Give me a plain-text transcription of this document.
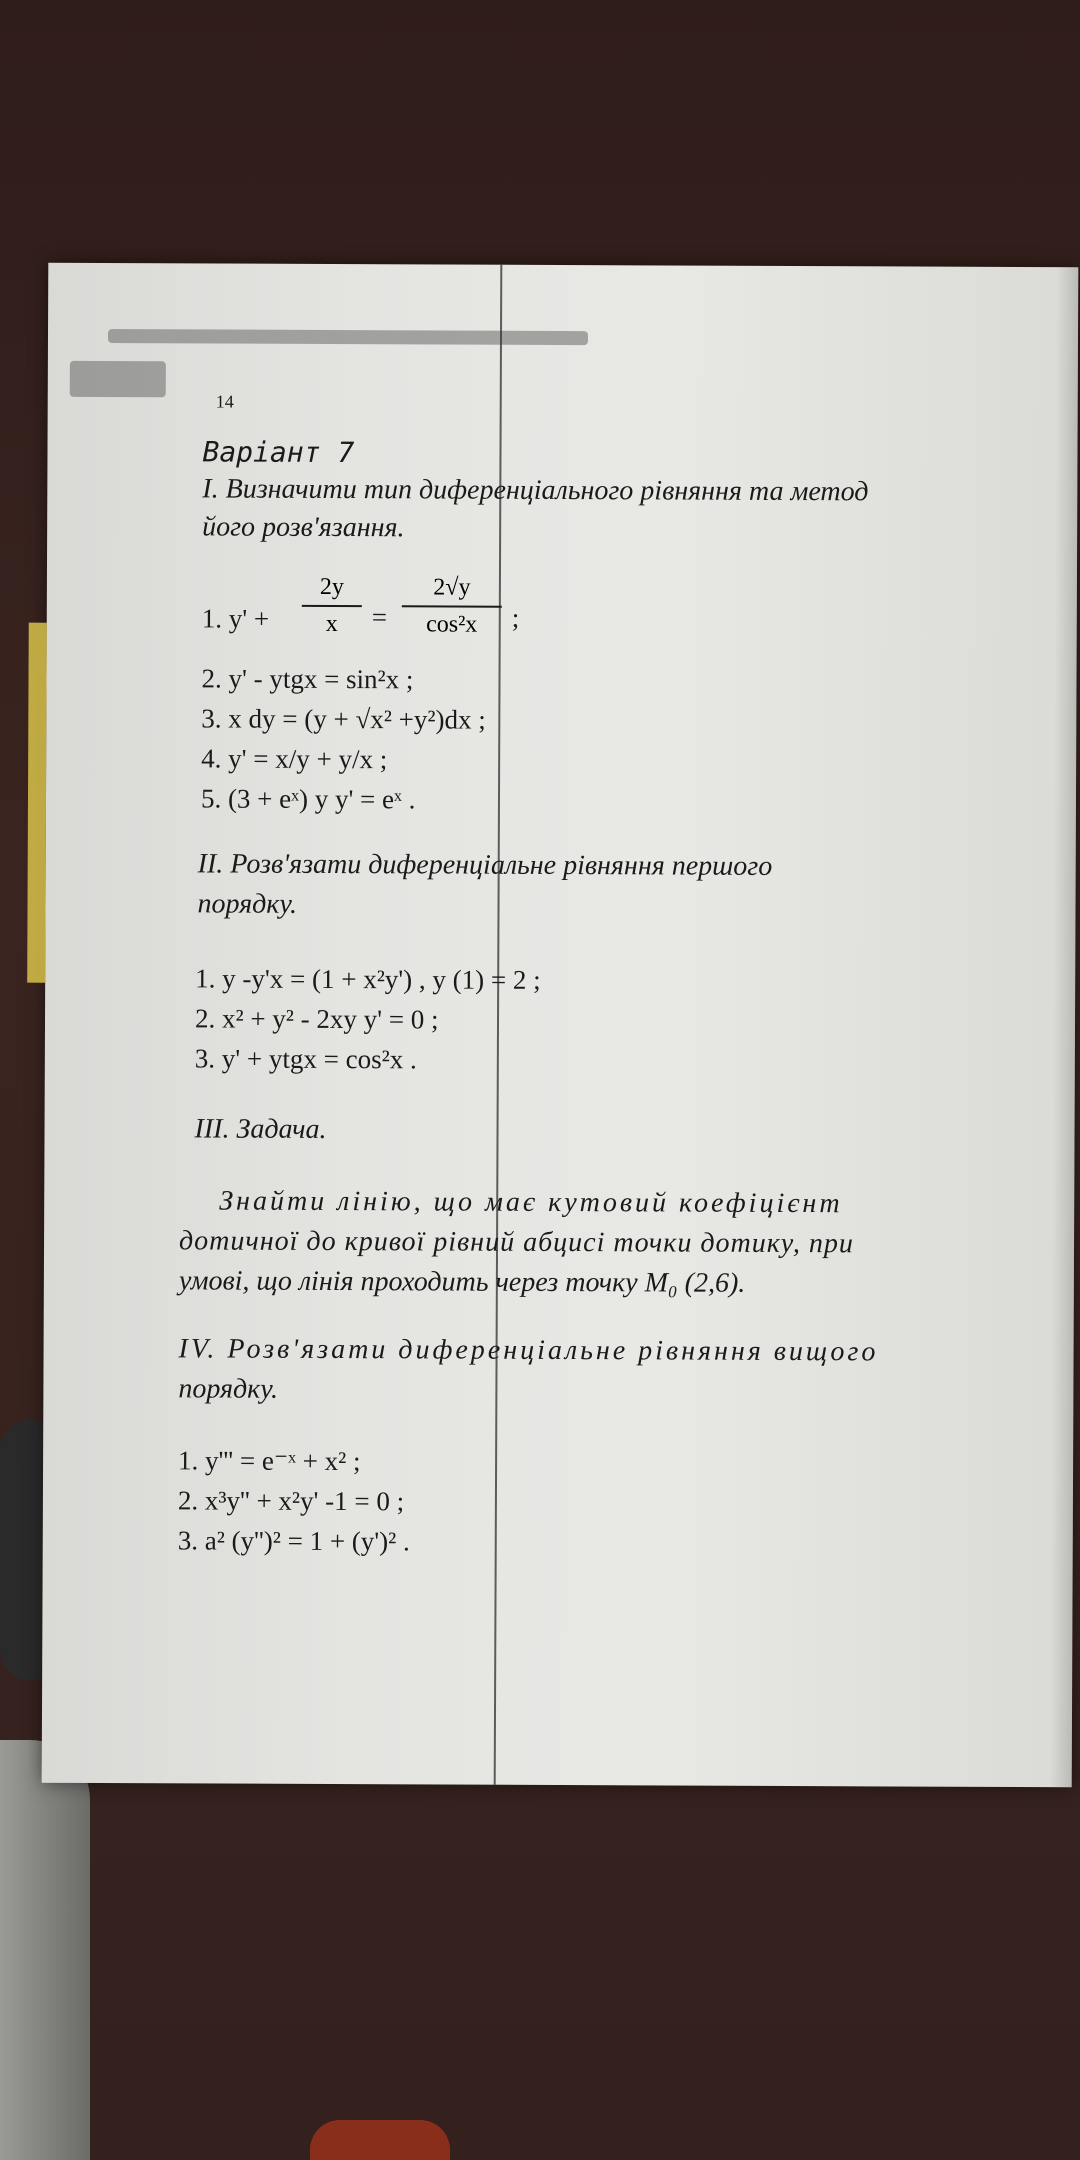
14
Варіант 7
І. Визначити тип диференціального рівняння та метод
його розв'язання.
1. y' +
2y
x	=
2√y
cos²x	;
2. y' - ytgx = sin²x ;
3. x dy = (y + √x² +y²)dx ;
4. y' = x/y + y/x ;
5. (3 + eˣ) y y' = eˣ .
II. Розв'язати диференціальне рівняння першого
порядку.
1. y -y'x = (1 + x²y') , y (1) = 2 ;
2. x² + y² - 2xy y' = 0 ;
3. y' + ytgx = cos²x .
III. Задача.
Знайти лінію, що має кутовий коефіцієнт
дотичної до кривої рівний абцисі точки дотику, при
умові, що лінія проходить через точку M₀ (2,6).
IV. Розв'язати диференціальне рівняння вищого
порядку.
1. y''' = e⁻ˣ + x² ;
2. x³y'' + x²y' -1 = 0 ;
3. a² (y'')² = 1 + (y')² .
